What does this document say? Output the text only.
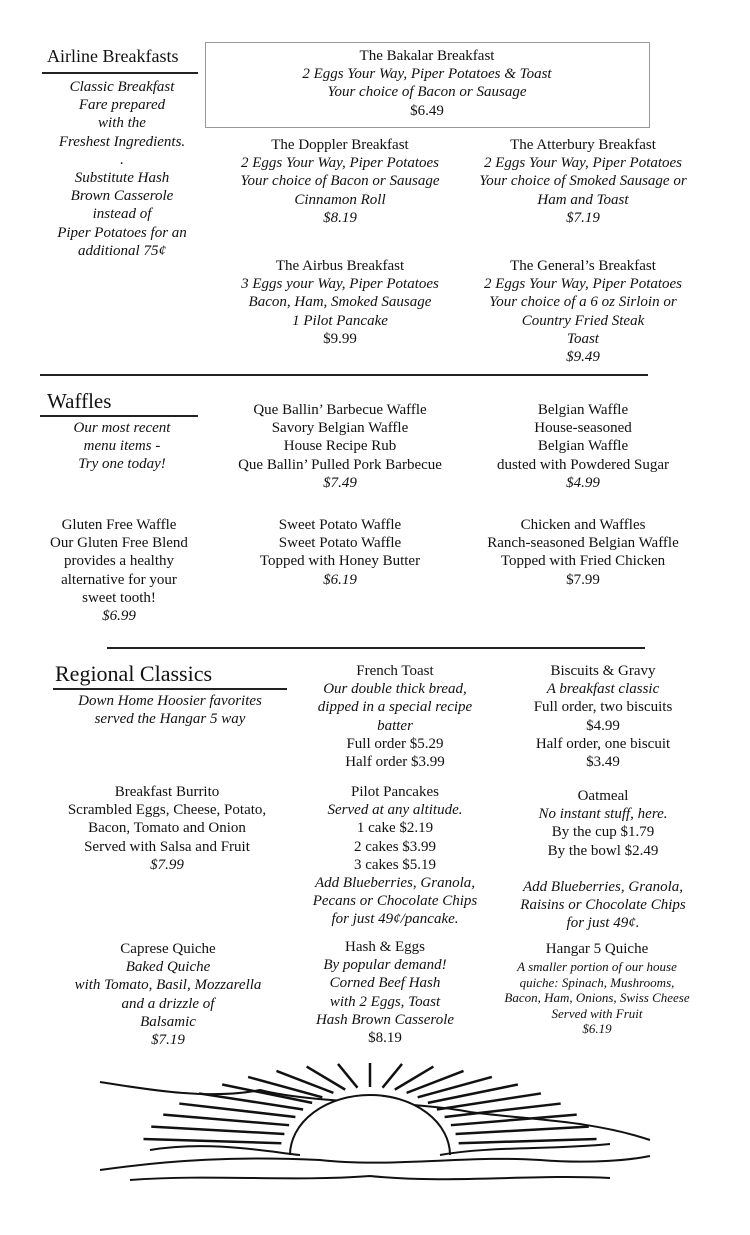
Airline Breakfasts
Classic Breakfast
Fare prepared
with the
Freshest Ingredients.
.
Substitute Hash
Brown Casserole
instead of
Piper Potatoes for an
additional 75¢
Waffles
Our most recent
menu items -
Try one today!
Regional Classics
Down Home Hoosier favorites
served the Hangar 5 way
The Bakalar Breakfast
2 Eggs Your Way, Piper Potatoes & Toast
Your choice of Bacon or Sausage
$6.49
The Doppler Breakfast
2 Eggs Your Way, Piper Potatoes
Your choice of Bacon or Sausage
Cinnamon Roll
$8.19
The Atterbury Breakfast
2 Eggs Your Way, Piper Potatoes
Your choice of Smoked Sausage or
Ham and Toast
$7.19
The Airbus Breakfast
3 Eggs your Way, Piper Potatoes
Bacon, Ham, Smoked Sausage
1 Pilot Pancake
$9.99
The General’s Breakfast
2 Eggs Your Way, Piper Potatoes
Your choice of a 6 oz Sirloin or
Country Fried Steak
Toast
$9.49
Que Ballin’ Barbecue Waffle
Savory Belgian Waffle
House Recipe Rub
Que Ballin’ Pulled Pork Barbecue
$7.49
Belgian Waffle
House-seasoned
Belgian Waffle
dusted with Powdered Sugar
$4.99
Gluten Free Waffle
Our Gluten Free Blend
provides a healthy
alternative for your
sweet tooth!
$6.99
Sweet Potato Waffle
Sweet Potato Waffle
Topped with Honey Butter
$6.19
Chicken and Waffles
Ranch-seasoned Belgian Waffle
Topped with Fried Chicken
$7.99
French Toast
Our double thick bread,
dipped in a special recipe
batter
Full order $5.29
Half order $3.99
Biscuits & Gravy
A breakfast classic
Full order, two biscuits
$4.99
Half order, one biscuit
$3.49
Breakfast Burrito
Scrambled Eggs, Cheese, Potato,
Bacon, Tomato and Onion
Served with Salsa and Fruit
$7.99
Pilot Pancakes
Served at any altitude.
1 cake $2.19
2 cakes $3.99
3 cakes $5.19
Add Blueberries, Granola,
Pecans or Chocolate Chips
for just 49¢/pancake.
Oatmeal
No instant stuff, here.
By the cup $1.79
By the bowl $2.49
Add Blueberries, Granola,
Raisins or Chocolate Chips
for just 49¢.
Caprese Quiche
Baked Quiche
with Tomato, Basil, Mozzarella
and a drizzle of
Balsamic
$7.19
Hash & Eggs
By popular demand!
Corned Beef Hash
with 2 Eggs, Toast
Hash Brown Casserole
$8.19
Hangar 5 Quiche
A smaller portion of our house
quiche: Spinach, Mushrooms,
Bacon, Ham, Onions, Swiss Cheese
Served with Fruit
$6.19
